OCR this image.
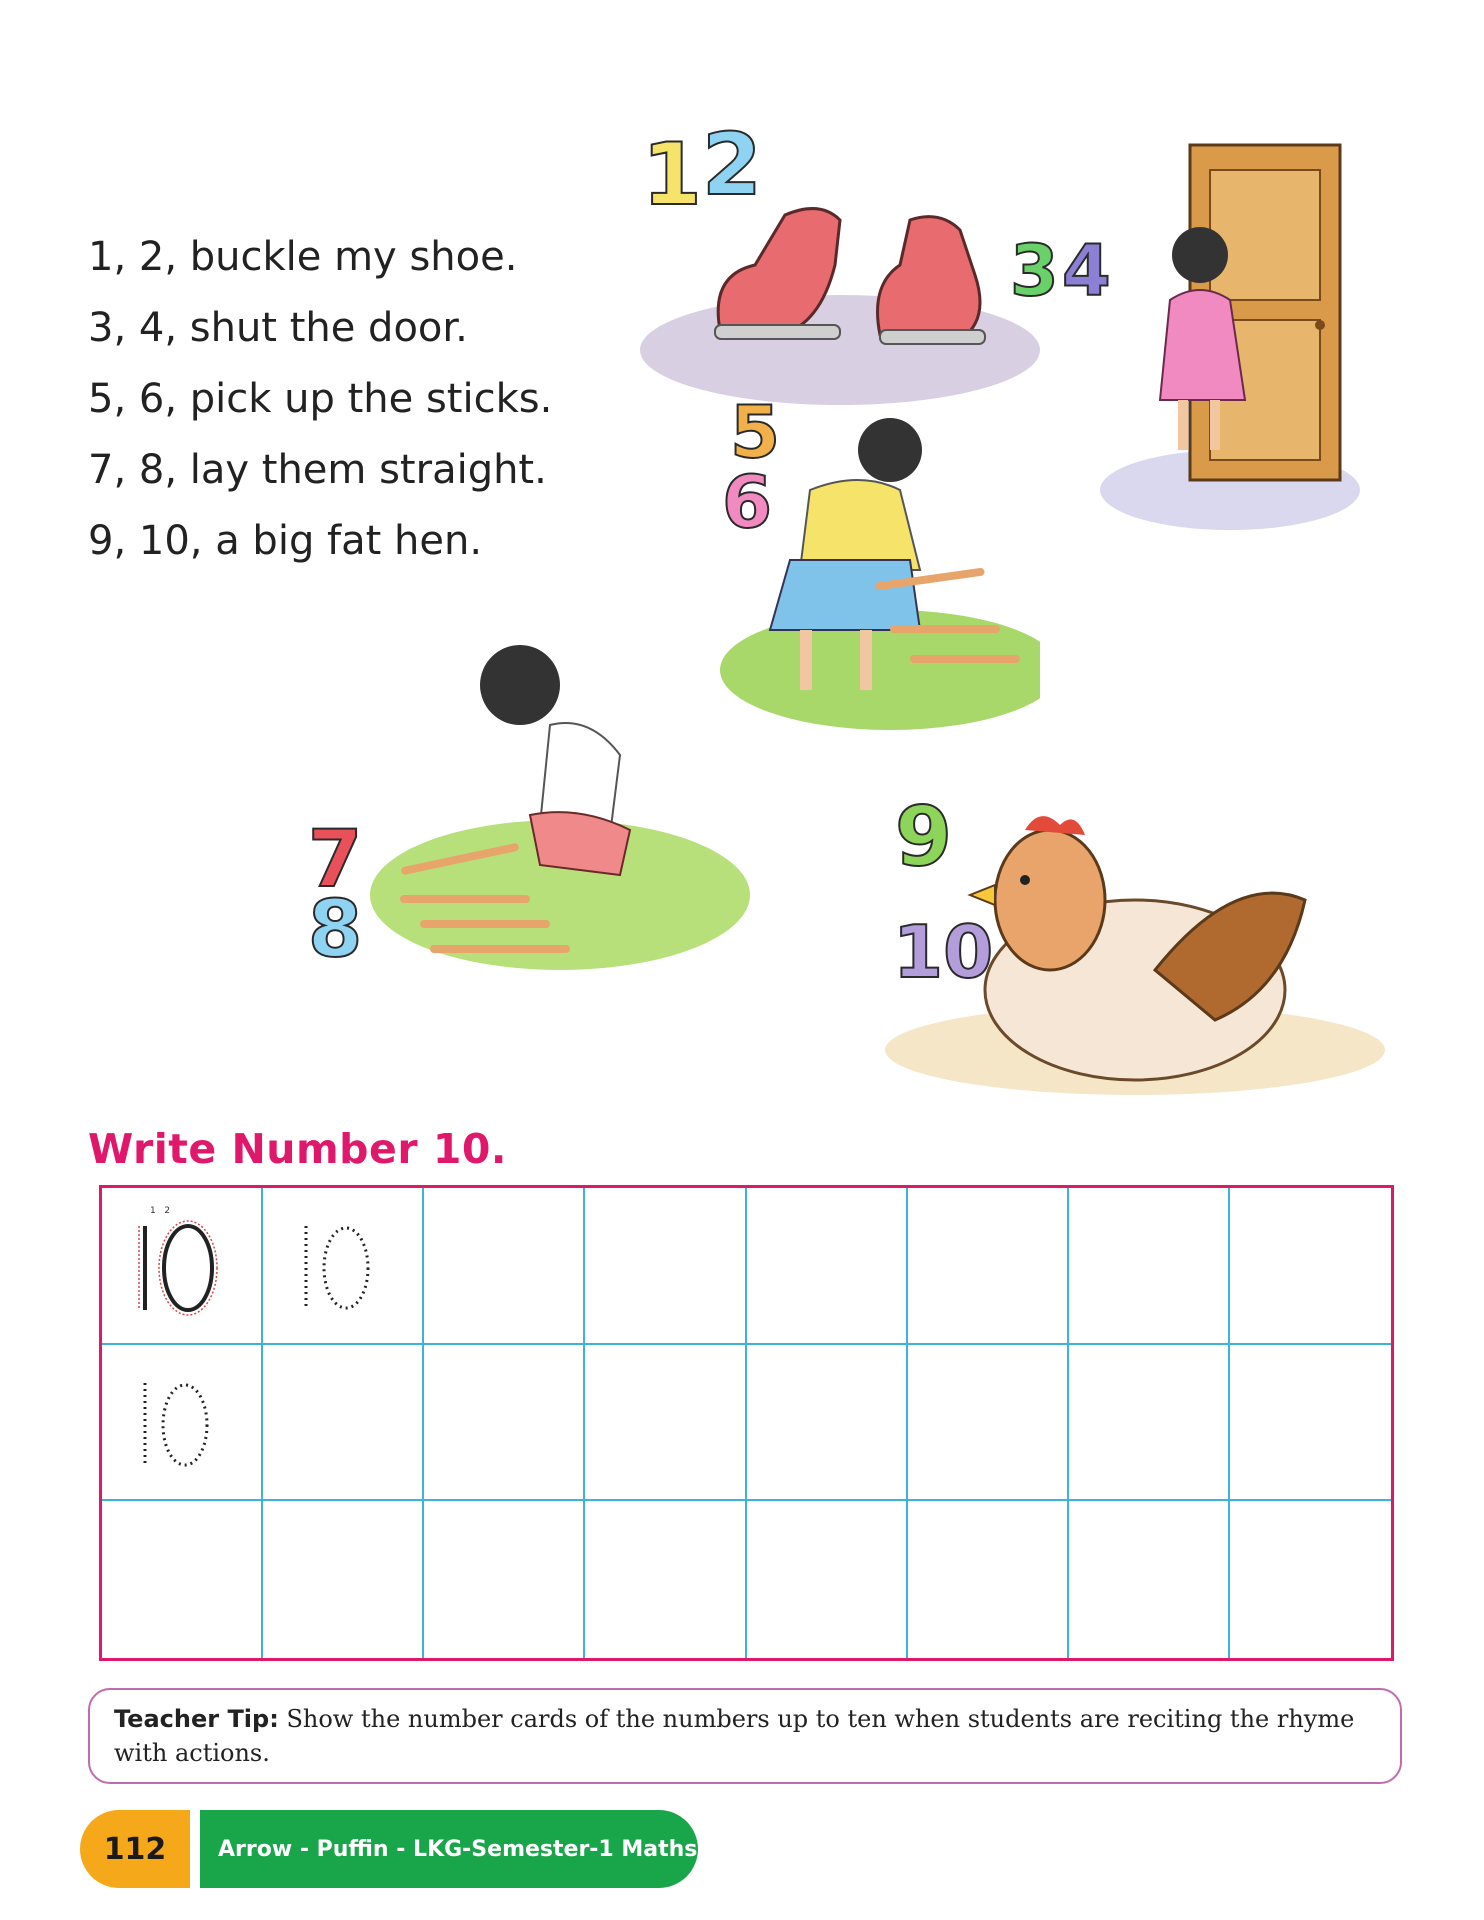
1, 2, buckle my shoe.
3, 4, shut the door.
5, 6, pick up the sticks.
7, 8, lay them straight.
9, 10, a big fat hen.
1 2
3 4
5
6
7
8
9
10
Write Number 10.
1 2
Teacher Tip: Show the number cards of the numbers up to ten when students are reciting the rhyme with actions.
112	Arrow - Puffin - LKG-Semester-1 Maths
